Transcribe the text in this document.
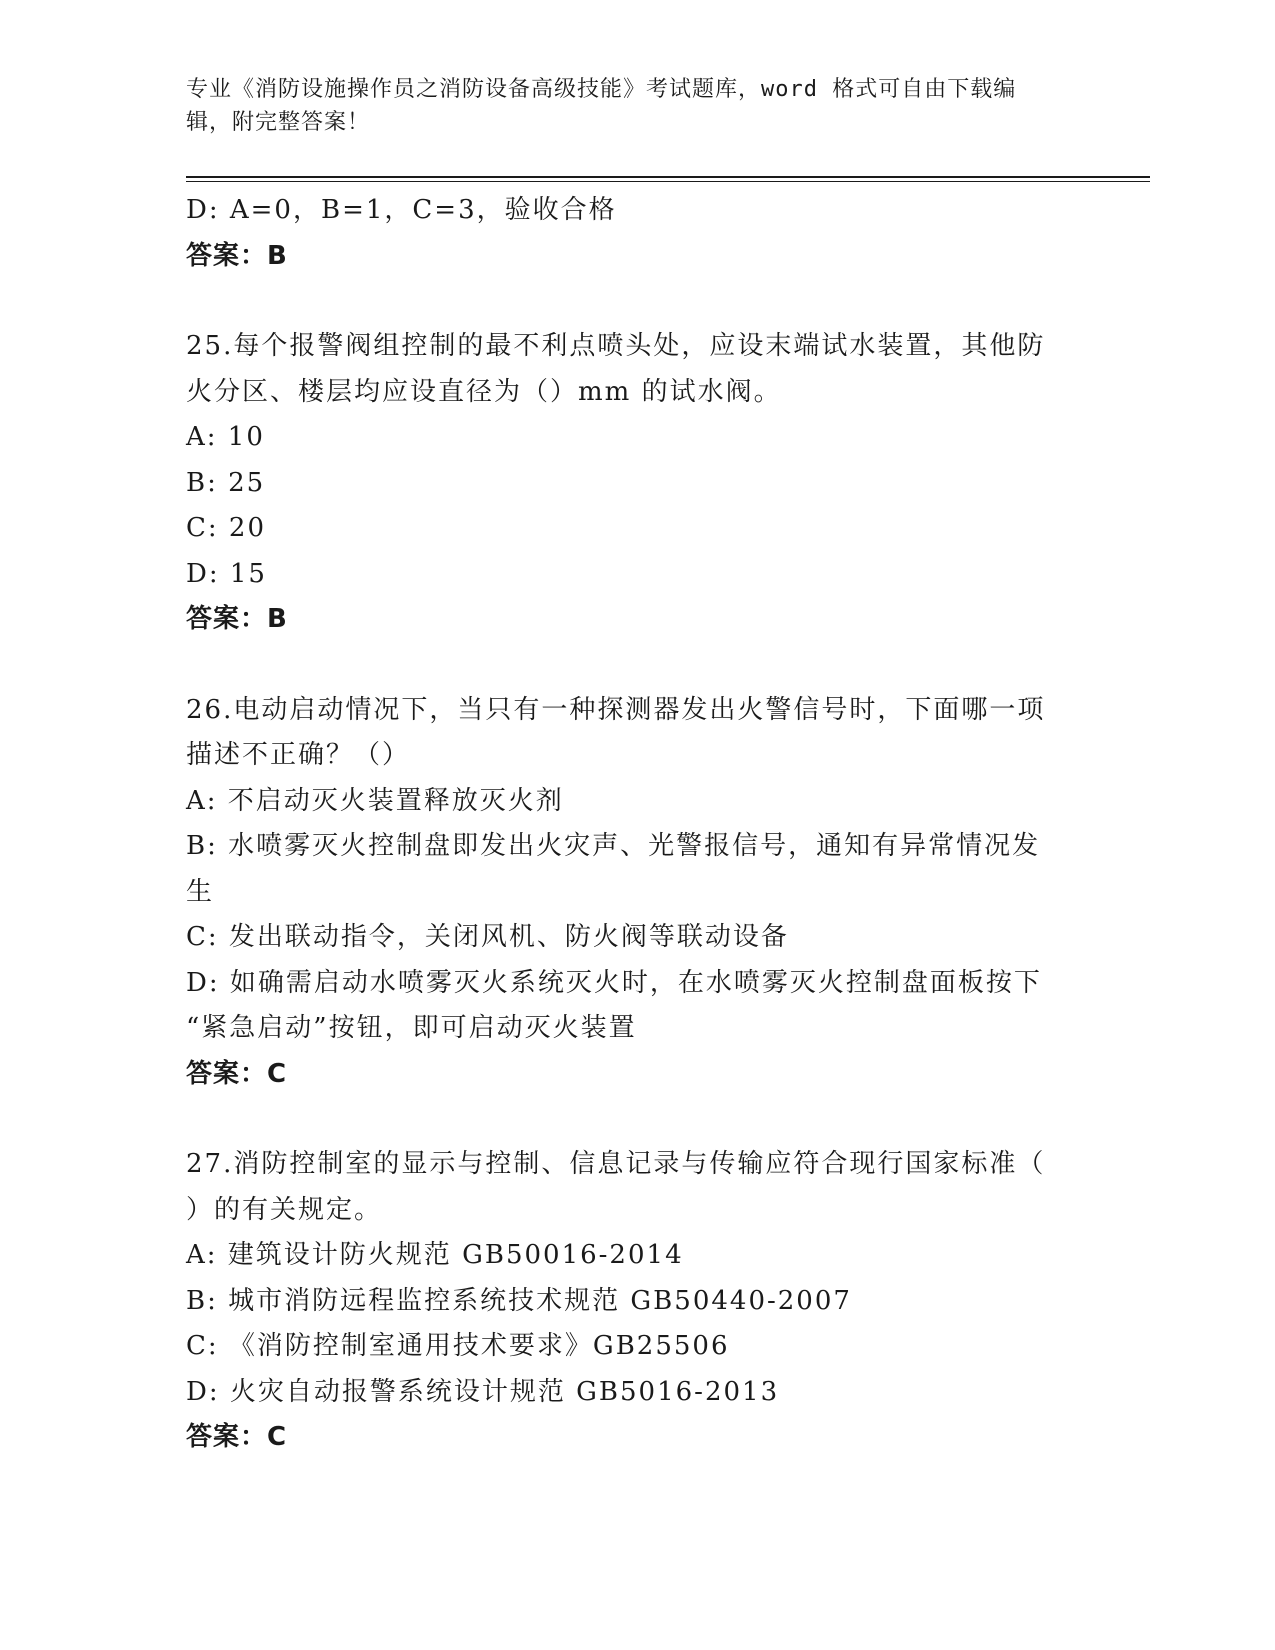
专业《消防设施操作员之消防设备高级技能》考试题库，word 格式可自由下载编
辑，附完整答案！
D: A=0，B=1，C=3，验收合格
答案：B
25.每个报警阀组控制的最不利点喷头处，应设末端试水装置，其他防
火分区、楼层均应设直径为（）mm 的试水阀。
A: 10
B: 25
C: 20
D: 15
答案：B
26.电动启动情况下，当只有一种探测器发出火警信号时，下面哪一项
描述不正确？（）
A: 不启动灭火装置释放灭火剂
B: 水喷雾灭火控制盘即发出火灾声、光警报信号，通知有异常情况发
生
C: 发出联动指令，关闭风机、防火阀等联动设备
D: 如确需启动水喷雾灭火系统灭火时，在水喷雾灭火控制盘面板按下
“紧急启动”按钮，即可启动灭火装置
答案：C
27.消防控制室的显示与控制、信息记录与传输应符合现行国家标准（
）的有关规定。
A: 建筑设计防火规范 GB50016-2014
B: 城市消防远程监控系统技术规范 GB50440-2007
C: 《消防控制室通用技术要求》GB25506
D: 火灾自动报警系统设计规范 GB5016-2013
答案：C
